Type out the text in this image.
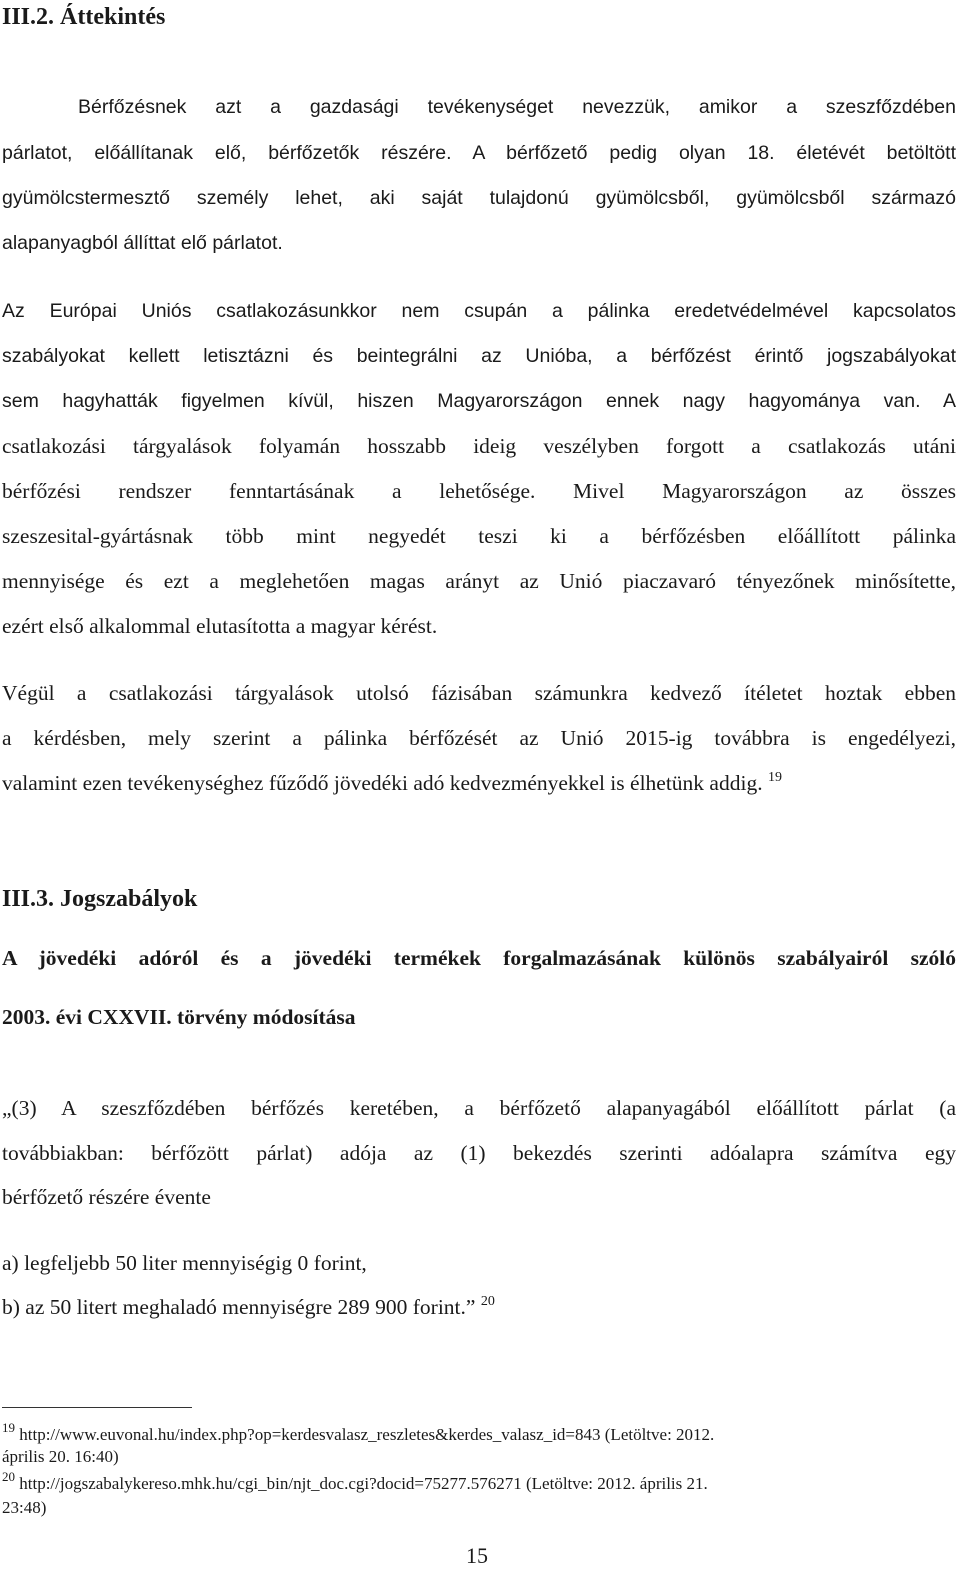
III.2. Áttekintés
Bérfőzésnek azt a gazdasági tevékenységet nevezzük, amikor a szeszfőzdében
párlatot, előállítanak elő, bérfőzetők részére. A bérfőzető pedig olyan 18. életévét betöltött
gyümölcstermesztő személy lehet, aki saját tulajdonú gyümölcsből, gyümölcsből származó
alapanyagból állíttat elő párlatot.
Az Európai Uniós csatlakozásunkkor nem csupán a pálinka eredetvédelmével kapcsolatos
szabályokat kellett letisztázni és beintegrálni az Unióba, a bérfőzést érintő jogszabályokat
sem hagyhatták figyelmen kívül, hiszen Magyarországon ennek nagy hagyománya van. A
csatlakozási tárgyalások folyamán hosszabb ideig veszélyben forgott a csatlakozás utáni
bérfőzési rendszer fenntartásának a lehetősége. Mivel Magyarországon az összes
szeszesital-gyártásnak több mint negyedét teszi ki a bérfőzésben előállított pálinka
mennyisége és ezt a meglehetően magas arányt az Unió piaczavaró tényezőnek minősítette,
ezért első alkalommal elutasította a magyar kérést.
Végül a csatlakozási tárgyalások utolsó fázisában számunkra kedvező ítéletet hoztak ebben
a kérdésben, mely szerint a pálinka bérfőzését az Unió 2015-ig továbbra is engedélyezi,
valamint ezen tevékenységhez fűződő jövedéki adó kedvezményekkel is élhetünk addig. $^{19}$
III.3. Jogszabályok
A jövedéki adóról és a jövedéki termékek forgalmazásának különös szabályairól szóló
2003. évi CXXVII. törvény módosítása
„(3) A szeszfőzdében bérfőzés keretében, a bérfőzető alapanyagából előállított párlat (a
továbbiakban: bérfőzött párlat) adója az (1) bekezdés szerinti adóalapra számítva egy
bérfőzető részére évente
a) legfeljebb 50 liter mennyiségig 0 forint,
b) az 50 litert meghaladó mennyiségre 289 900 forint.” $^{20}$
$^{19}$ http://www.euvonal.hu/index.php?op=kerdesvalasz_reszletes&kerdes_valasz_id=843 (Letöltve: 2012.
április 20. 16:40)
$^{20}$ http://jogszabalykereso.mhk.hu/cgi_bin/njt_doc.cgi?docid=75277.576271 (Letöltve: 2012. április 21.
23:48)
15
